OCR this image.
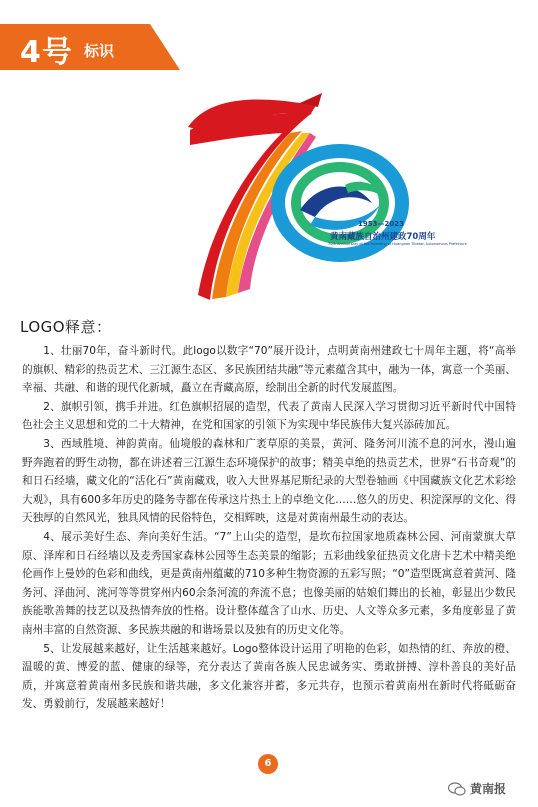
4号 标识
1953—2023
黄南藏族自治州建政70周年
70th Anniversary of the Founding of Huangnan Tibetan Autonomous Prefecture
LOGO释意：

1、壮丽70年，奋斗新时代。此logo以数字“70”展开设计，点明黄南州建政七十周年主题，将“高举的旗帜、精彩的热贡艺术、三江源生态区、多民族团结共融”等元素蕴含其中，融为一体，寓意一个美丽、幸福、共融、和谐的现代化新城，矗立在青藏高原，绘制出全新的时代发展蓝图。

2、旗帜引领，携手并进。红色旗帜招展的造型，代表了黄南人民深入学习贯彻习近平新时代中国特色社会主义思想和党的二十大精神，在党和国家的引领下为实现中华民族伟大复兴添砖加瓦。

3、西域胜境、神韵黄南。仙境般的森林和广袤草原的美景，黄河、隆务河川流不息的河水，漫山遍野奔跑着的野生动物，都在讲述着三江源生态环境保护的故事；精美卓绝的热贡艺术，世界“石书奇观”的和日石经墙，藏文化的“活化石”黄南藏戏，收入大世界基尼斯纪录的大型卷轴画《中国藏族文化艺术彩绘大观》，具有600多年历史的隆务寺都在传承这片热土上的卓绝文化……悠久的历史、积淀深厚的文化、得天独厚的自然风光，独具风情的民俗特色，交相辉映，这是对黄南州最生动的表达。

4、展示美好生态、奔向美好生活。“7”上山尖的造型，是坎布拉国家地质森林公园、河南蒙旗大草原、泽库和日石经墙以及麦秀国家森林公园等生态美景的缩影；五彩曲线象征热贡文化唐卡艺术中精美绝伦画作上曼妙的色彩和曲线，更是黄南州蕴藏的710多种生物资源的五彩写照；“0”造型既寓意着黄河、隆务河、泽曲河、洮河等等贯穿州内60余条河流的奔流不息；也像美丽的姑娘们舞出的长袖，彰显出少数民族能歌善舞的技艺以及热情奔放的性格。设计整体蕴含了山水、历史、人文等众多元素，多角度彰显了黄南州丰富的自然资源、多民族共融的和谐场景以及独有的历史文化等。

5、让发展越来越好，让生活越来越好。Logo整体设计运用了明艳的色彩，如热情的红、奔放的橙、温暖的黄、博爱的蓝、健康的绿等，充分表达了黄南各族人民忠诚务实、勇敢拼搏、淳朴善良的美好品质，并寓意着黄南州多民族和谐共融，多文化兼容并蓄，多元共存，也预示着黄南州在新时代将砥砺奋发、勇毅前行，发展越来越好！

6
黄南报
